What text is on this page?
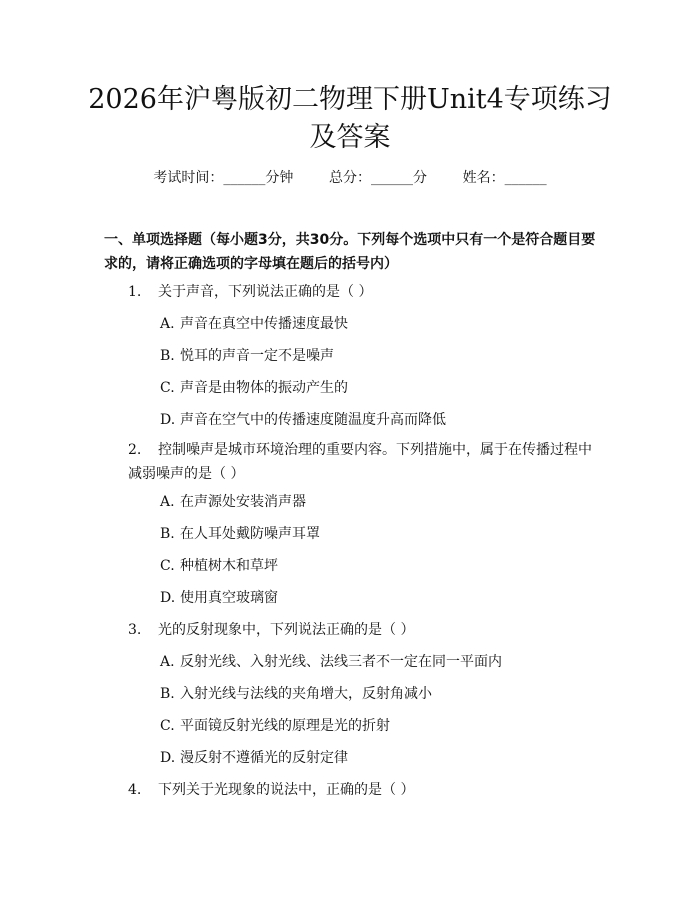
2026年沪粤版初二物理下册Unit4专项练习
及答案
考试时间：______分钟	总分：______分	姓名：______
一、单项选择题（每小题3分，共30分。下列每个选项中只有一个是符合题目要求的，请将正确选项的字母填在题后的括号内）
1. 关于声音，下列说法正确的是（ ）
A. 声音在真空中传播速度最快
B. 悦耳的声音一定不是噪声
C. 声音是由物体的振动产生的
D. 声音在空气中的传播速度随温度升高而降低
2. 控制噪声是城市环境治理的重要内容。下列措施中，属于在传播过程中减弱噪声的是（ ）
A. 在声源处安装消声器
B. 在人耳处戴防噪声耳罩
C. 种植树木和草坪
D. 使用真空玻璃窗
3. 光的反射现象中，下列说法正确的是（ ）
A. 反射光线、入射光线、法线三者不一定在同一平面内
B. 入射光线与法线的夹角增大，反射角减小
C. 平面镜反射光线的原理是光的折射
D. 漫反射不遵循光的反射定律
4. 下列关于光现象的说法中，正确的是（ ）
